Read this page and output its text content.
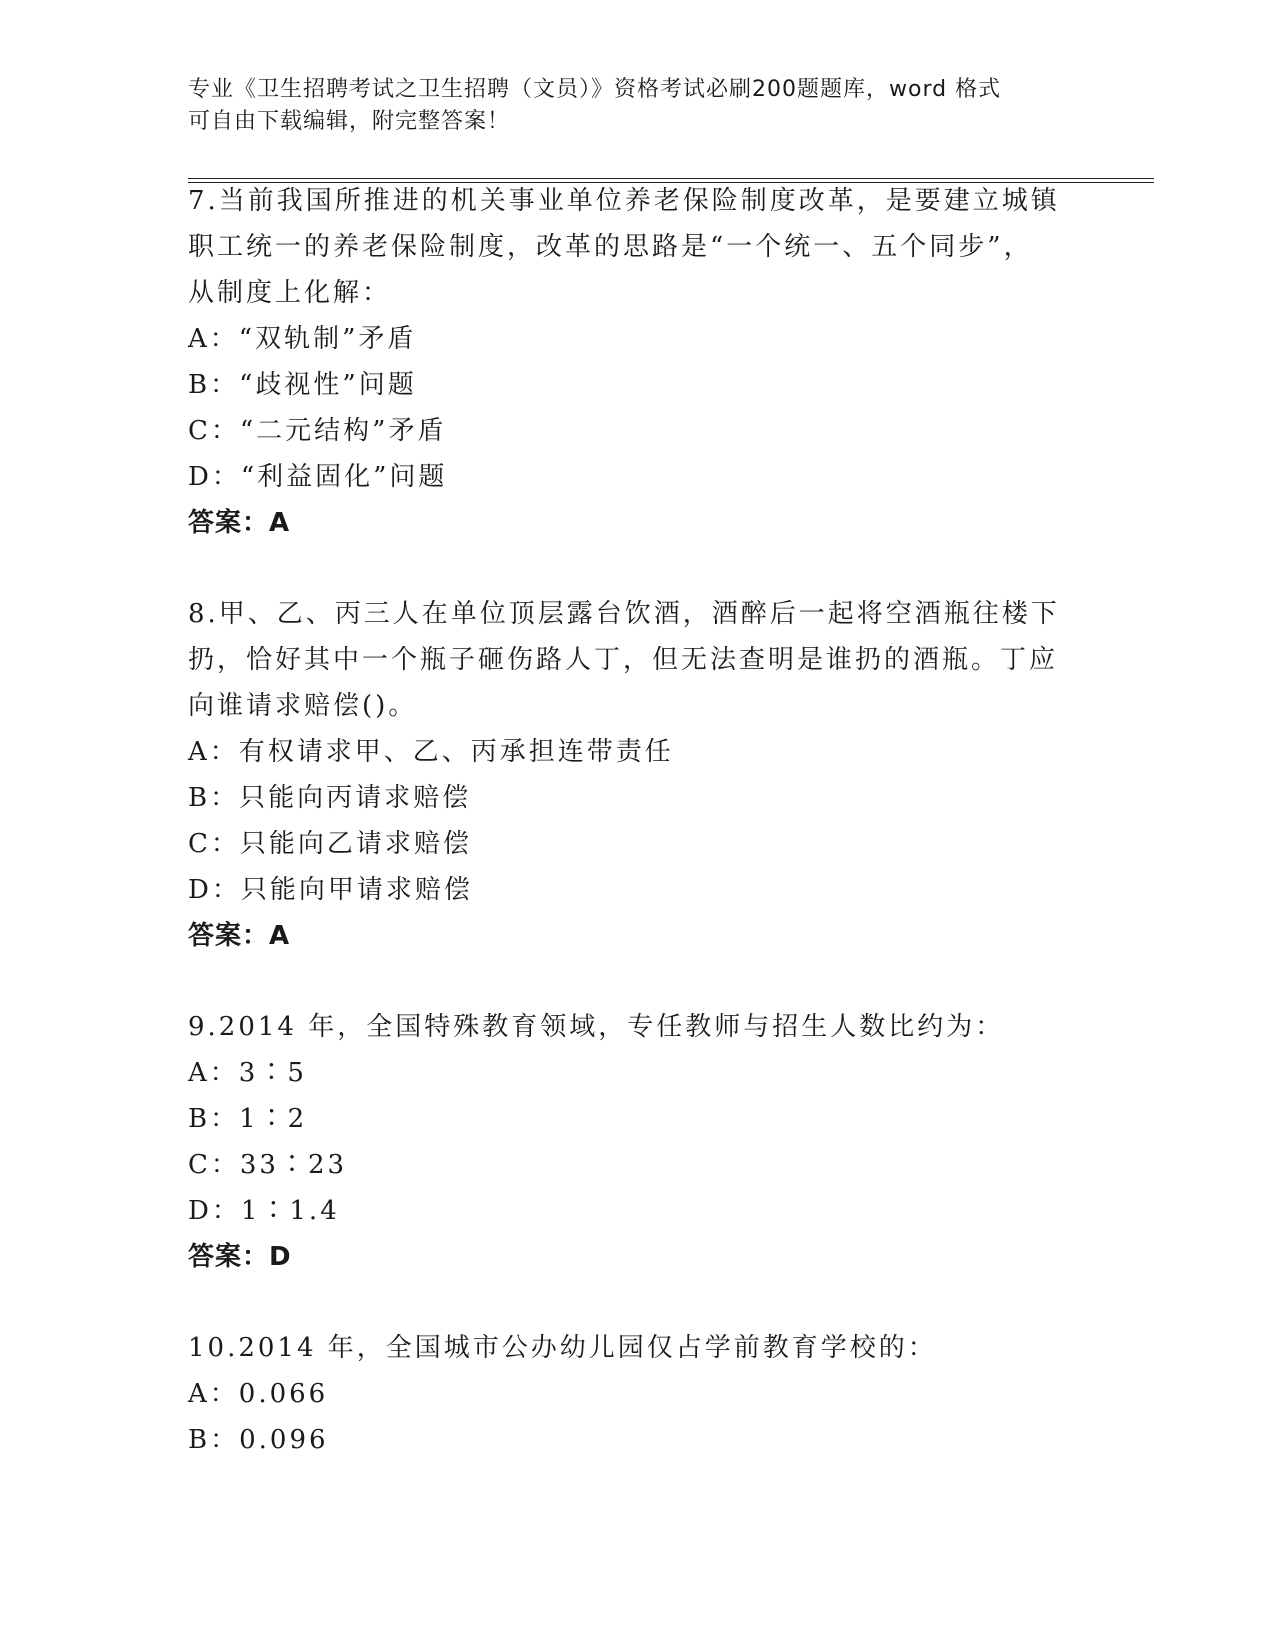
专业《卫生招聘考试之卫生招聘（文员）》资格考试必刷200题题库，word 格式
可自由下载编辑，附完整答案！
7.当前我国所推进的机关事业单位养老保险制度改革，是要建立城镇
职工统一的养老保险制度，改革的思路是“一个统一、五个同步”，
从制度上化解：
A：“双轨制”矛盾
B：“歧视性”问题
C：“二元结构”矛盾
D：“利益固化”问题
答案：A
8.甲、乙、丙三人在单位顶层露台饮酒，酒醉后一起将空酒瓶往楼下
扔，恰好其中一个瓶子砸伤路人丁，但无法查明是谁扔的酒瓶。丁应
向谁请求赔偿()。
A：有权请求甲、乙、丙承担连带责任
B：只能向丙请求赔偿
C：只能向乙请求赔偿
D：只能向甲请求赔偿
答案：A
9.2014 年，全国特殊教育领域，专任教师与招生人数比约为：
A：3∶5
B：1∶2
C：33∶23
D：1∶1.4
答案：D
10.2014 年，全国城市公办幼儿园仅占学前教育学校的：
A：0.066
B：0.096
